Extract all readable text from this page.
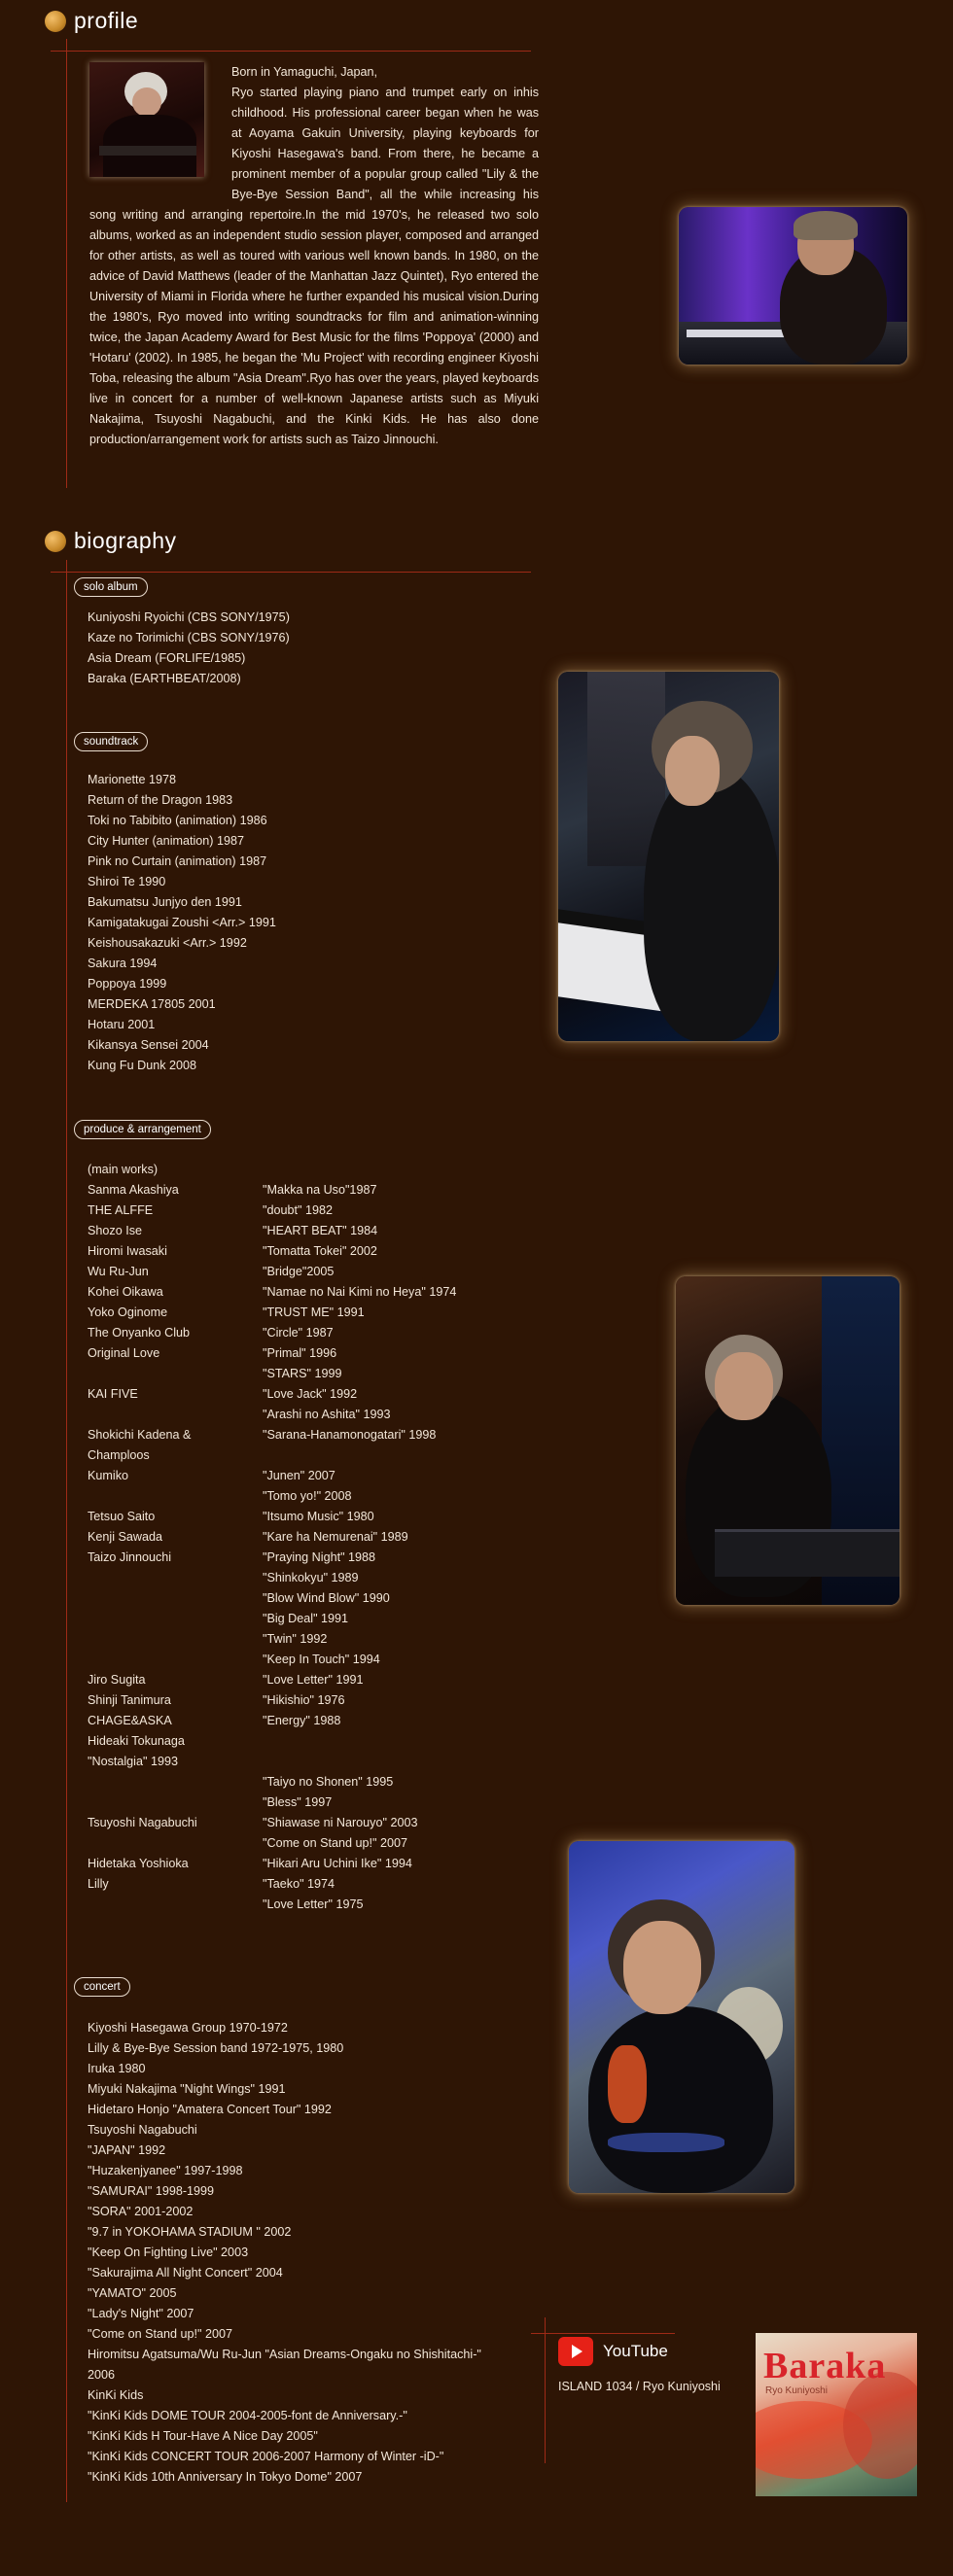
profile
Born in Yamaguchi, Japan,
Ryo started playing piano and trumpet early on inhis childhood. His professional career began when he was at Aoyama Gakuin University, playing keyboards for Kiyoshi Hasegawa's band. From there, he became a prominent member of a popular group called "Lily & the Bye-Bye Session Band", all the while increasing his song writing and arranging repertoire.In the mid 1970's, he released two solo albums, worked as an independent studio session player, composed and arranged for other artists, as well as toured with various well known bands. In 1980, on the advice of David Matthews (leader of the Manhattan Jazz Quintet), Ryo entered the University of Miami in Florida where he further expanded his musical vision.During the 1980's, Ryo moved into writing soundtracks for film and animation-winning twice, the Japan Academy Award for Best Music for the films 'Poppoya' (2000) and 'Hotaru' (2002). In 1985, he began the 'Mu Project' with recording engineer Kiyoshi Toba, releasing the album "Asia Dream".Ryo has over the years, played keyboards live in concert for a number of well-known Japanese artists such as Miyuki Nakajima, Tsuyoshi Nagabuchi, and the Kinki Kids. He has also done production/arrangement work for artists such as Taizo Jinnouchi.
biography
solo album
Kuniyoshi Ryoichi (CBS SONY/1975)
Kaze no Torimichi (CBS SONY/1976)
Asia Dream (FORLIFE/1985)
Baraka (EARTHBEAT/2008)
soundtrack
Marionette 1978
Return of the Dragon 1983
Toki no Tabibito (animation) 1986
City Hunter (animation) 1987
Pink no Curtain (animation) 1987
Shiroi Te 1990
Bakumatsu Junjyo den 1991
Kamigatakugai Zoushi <Arr.> 1991
Keishousakazuki <Arr.> 1992
Sakura 1994
Poppoya 1999
MERDEKA 17805 2001
Hotaru 2001
Kikansya Sensei 2004
Kung Fu Dunk 2008
produce & arrangement
(main works)
Sanma Akashiya	"Makka na Uso"1987
THE ALFFE	"doubt" 1982
Shozo Ise	"HEART BEAT" 1984
Hiromi Iwasaki	"Tomatta Tokei" 2002
Wu Ru-Jun	"Bridge"2005
Kohei Oikawa	"Namae no Nai Kimi no Heya" 1974
Yoko Oginome	"TRUST ME" 1991
The Onyanko Club	"Circle" 1987
Original Love	"Primal" 1996
"STARS" 1999
KAI FIVE	"Love Jack" 1992
"Arashi no Ashita" 1993
Shokichi Kadena &	"Sarana-Hanamonogatari" 1998
Champloos
Kumiko	"Junen" 2007
"Tomo yo!" 2008
Tetsuo Saito	"Itsumo Music" 1980
Kenji Sawada	"Kare ha Nemurenai" 1989
Taizo Jinnouchi	"Praying Night" 1988
"Shinkokyu" 1989
"Blow Wind Blow" 1990
"Big Deal" 1991
"Twin" 1992
"Keep In Touch" 1994
Jiro Sugita	"Love Letter" 1991
Shinji Tanimura	"Hikishio" 1976
CHAGE&ASKA	"Energy" 1988
Hideaki Tokunaga
"Nostalgia" 1993
"Taiyo no Shonen" 1995
"Bless" 1997
Tsuyoshi Nagabuchi	"Shiawase ni Narouyo" 2003
"Come on Stand up!" 2007
Hidetaka Yoshioka	"Hikari Aru Uchini Ike" 1994
Lilly	"Taeko" 1974
"Love Letter" 1975
concert
Kiyoshi Hasegawa Group 1970-1972
Lilly & Bye-Bye Session band 1972-1975, 1980
Iruka 1980
Miyuki Nakajima "Night Wings" 1991
Hidetaro Honjo "Amatera Concert Tour" 1992
Tsuyoshi Nagabuchi
"JAPAN" 1992
"Huzakenjyanee" 1997-1998
"SAMURAI" 1998-1999
"SORA" 2001-2002
"9.7 in YOKOHAMA STADIUM " 2002
"Keep On Fighting Live" 2003
"Sakurajima All Night Concert" 2004
"YAMATO" 2005
"Lady's Night" 2007
"Come on Stand up!" 2007
Hiromitsu Agatsuma/Wu Ru-Jun "Asian Dreams-Ongaku no Shishitachi-"
2006
KinKi Kids
"KinKi Kids DOME TOUR 2004-2005-font de Anniversary.-"
"KinKi Kids H Tour-Have A Nice Day 2005"
"KinKi Kids CONCERT TOUR 2006-2007 Harmony of Winter -iD-"
"KinKi Kids 10th Anniversary In Tokyo Dome" 2007
YouTube
ISLAND 1034 / Ryo Kuniyoshi Baraka
Ryo Kuniyoshi
